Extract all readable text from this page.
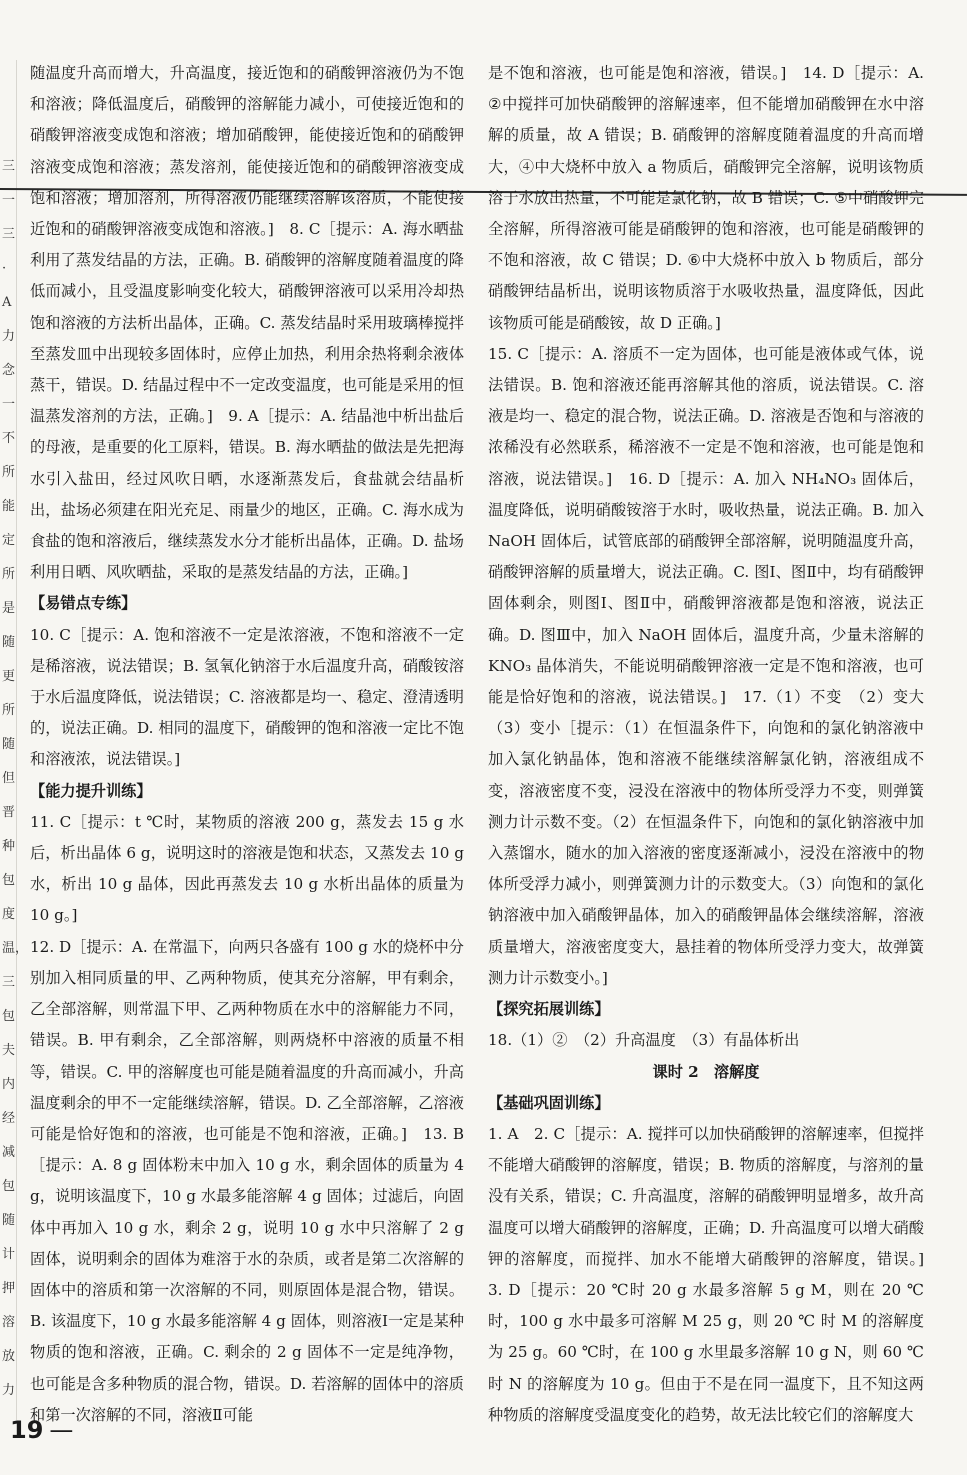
三一三·A力念一不所能定所是随更所随但晋种包度温，三包夫内经减包随计押溶放力

随温度升高而增大，升高温度，接近饱和的硝酸钾溶液仍为不饱和溶液；降低温度后，硝酸钾的溶解能力减小，可使接近饱和的硝酸钾溶液变成饱和溶液；增加硝酸钾，能使接近饱和的硝酸钾溶液变成饱和溶液；蒸发溶剂，能使接近饱和的硝酸钾溶液变成饱和溶液；增加溶剂，所得溶液仍能继续溶解该溶质，不能使接近饱和的硝酸钾溶液变成饱和溶液。]　8. C［提示：A. 海水晒盐利用了蒸发结晶的方法，正确。B. 硝酸钾的溶解度随着温度的降低而减小，且受温度影响变化较大，硝酸钾溶液可以采用冷却热饱和溶液的方法析出晶体，正确。C. 蒸发结晶时采用玻璃棒搅拌至蒸发皿中出现较多固体时，应停止加热，利用余热将剩余液体蒸干，错误。D. 结晶过程中不一定改变温度，也可能是采用的恒温蒸发溶剂的方法，正确。]　9. A［提示：A. 结晶池中析出盐后的母液，是重要的化工原料，错误。B. 海水晒盐的做法是先把海水引入盐田，经过风吹日晒，水逐渐蒸发后，食盐就会结晶析出，盐场必须建在阳光充足、雨量少的地区，正确。C. 海水成为食盐的饱和溶液后，继续蒸发水分才能析出晶体，正确。D. 盐场利用日晒、风吹晒盐，采取的是蒸发结晶的方法，正确。]

【易错点专练】

10. C［提示：A. 饱和溶液不一定是浓溶液，不饱和溶液不一定是稀溶液，说法错误；B. 氢氧化钠溶于水后温度升高，硝酸铵溶于水后温度降低，说法错误；C. 溶液都是均一、稳定、澄清透明的，说法正确。D. 相同的温度下，硝酸钾的饱和溶液一定比不饱和溶液浓，说法错误。]

【能力提升训练】

11. C［提示：t ℃时，某物质的溶液 200 g，蒸发去 15 g 水后，析出晶体 6 g，说明这时的溶液是饱和状态，又蒸发去 10 g 水，析出 10 g 晶体，因此再蒸发去 10 g 水析出晶体的质量为 10 g。]

12. D［提示：A. 在常温下，向两只各盛有 100 g 水的烧杯中分别加入相同质量的甲、乙两种物质，使其充分溶解，甲有剩余，乙全部溶解，则常温下甲、乙两种物质在水中的溶解能力不同，错误。B. 甲有剩余，乙全部溶解，则两烧杯中溶液的质量不相等，错误。C. 甲的溶解度也可能是随着温度的升高而减小，升高温度剩余的甲不一定能继续溶解，错误。D. 乙全部溶解，乙溶液可能是恰好饱和的溶液，也可能是不饱和溶液，正确。]　13. B［提示：A. 8 g 固体粉末中加入 10 g 水，剩余固体的质量为 4 g，说明该温度下，10 g 水最多能溶解 4 g 固体；过滤后，向固体中再加入 10 g 水，剩余 2 g，说明 10 g 水中只溶解了 2 g 固体，说明剩余的固体为难溶于水的杂质，或者是第二次溶解的固体中的溶质和第一次溶解的不同，则原固体是混合物，错误。B. 该温度下，10 g 水最多能溶解 4 g 固体，则溶液Ⅰ一定是某种物质的饱和溶液，正确。C. 剩余的 2 g 固体不一定是纯净物，也可能是含多种物质的混合物，错误。D. 若溶解的固体中的溶质和第一次溶解的不同，溶液Ⅱ可能

是不饱和溶液，也可能是饱和溶液，错误。]　14. D［提示：A. ②中搅拌可加快硝酸钾的溶解速率，但不能增加硝酸钾在水中溶解的质量，故 A 错误；B. 硝酸钾的溶解度随着温度的升高而增大，④中大烧杯中放入 a 物质后，硝酸钾完全溶解，说明该物质溶于水放出热量，不可能是氯化钠，故 B 错误；C. ⑤中硝酸钾完全溶解，所得溶液可能是硝酸钾的饱和溶液，也可能是硝酸钾的不饱和溶液，故 C 错误；D. ⑥中大烧杯中放入 b 物质后，部分硝酸钾结晶析出，说明该物质溶于水吸收热量，温度降低，因此该物质可能是硝酸铵，故 D 正确。]

15. C［提示：A. 溶质不一定为固体，也可能是液体或气体，说法错误。B. 饱和溶液还能再溶解其他的溶质，说法错误。C. 溶液是均一、稳定的混合物，说法正确。D. 溶液是否饱和与溶液的浓稀没有必然联系，稀溶液不一定是不饱和溶液，也可能是饱和溶液，说法错误。]　16. D［提示：A. 加入 NH₄NO₃ 固体后，温度降低，说明硝酸铵溶于水时，吸收热量，说法正确。B. 加入 NaOH 固体后，试管底部的硝酸钾全部溶解，说明随温度升高，硝酸钾溶解的质量增大，说法正确。C. 图Ⅰ、图Ⅱ中，均有硝酸钾固体剩余，则图Ⅰ、图Ⅱ中，硝酸钾溶液都是饱和溶液，说法正确。D. 图Ⅲ中，加入 NaOH 固体后，温度升高，少量未溶解的 KNO₃ 晶体消失，不能说明硝酸钾溶液一定是不饱和溶液，也可能是恰好饱和的溶液，说法错误。]　17.（1）不变　（2）变大　（3）变小［提示：（1）在恒温条件下，向饱和的氯化钠溶液中加入氯化钠晶体，饱和溶液不能继续溶解氯化钠，溶液组成不变，溶液密度不变，浸没在溶液中的物体所受浮力不变，则弹簧测力计示数不变。（2）在恒温条件下，向饱和的氯化钠溶液中加入蒸馏水，随水的加入溶液的密度逐渐减小，浸没在溶液中的物体所受浮力减小，则弹簧测力计的示数变大。（3）向饱和的氯化钠溶液中加入硝酸钾晶体，加入的硝酸钾晶体会继续溶解，溶液质量增大，溶液密度变大，悬挂着的物体所受浮力变大，故弹簧测力计示数变小。]

【探究拓展训练】

18.（1）②　（2）升高温度　（3）有晶体析出

课时 2　溶解度

【基础巩固训练】

1. A　2. C［提示：A. 搅拌可以加快硝酸钾的溶解速率，但搅拌不能增大硝酸钾的溶解度，错误；B. 物质的溶解度，与溶剂的量没有关系，错误；C. 升高温度，溶解的硝酸钾明显增多，故升高温度可以增大硝酸钾的溶解度，正确；D. 升高温度可以增大硝酸钾的溶解度，而搅拌、加水不能增大硝酸钾的溶解度，错误。]　3. D［提示：20 ℃时 20 g 水最多溶解 5 g M，则在 20 ℃时，100 g 水中最多可溶解 M 25 g，则 20 ℃ 时 M 的溶解度为 25 g。60 ℃时，在 100 g 水里最多溶解 10 g N，则 60 ℃时 N 的溶解度为 10 g。但由于不是在同一温度下，且不知这两种物质的溶解度受温度变化的趋势，故无法比较它们的溶解度大

19 —
